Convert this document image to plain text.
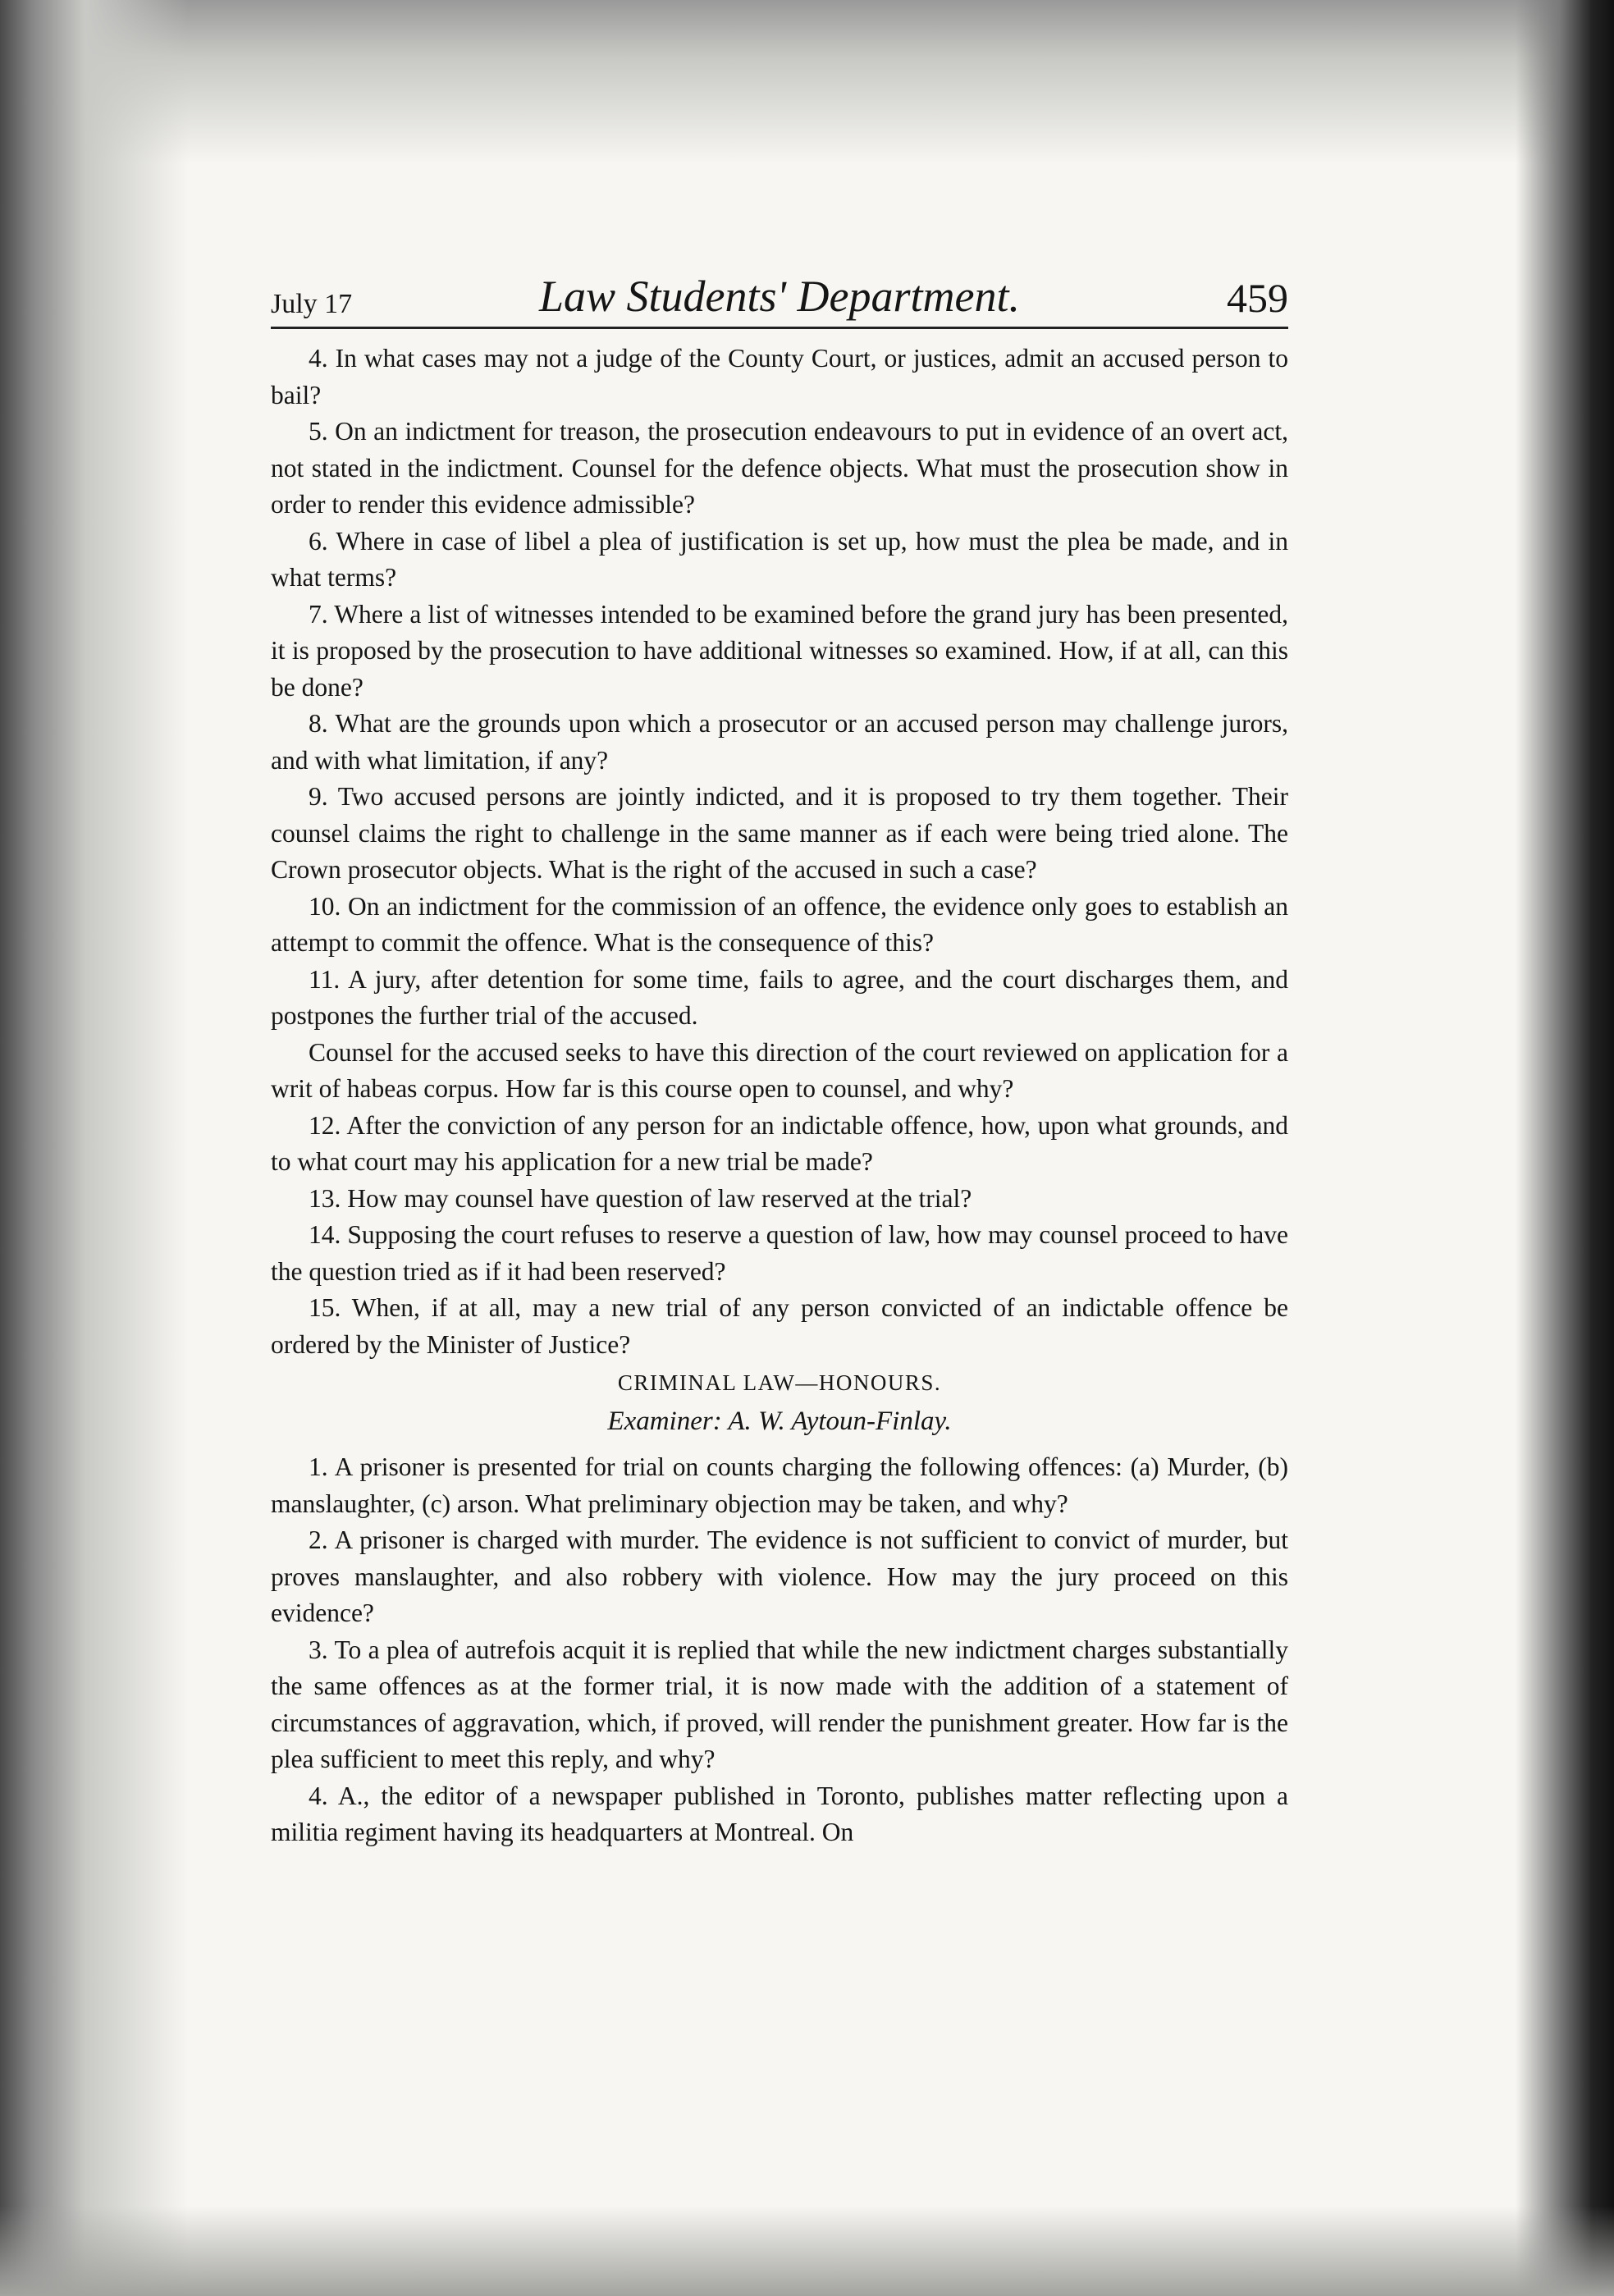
July 17	Law Students' Department.	459

4. In what cases may not a judge of the County Court, or justices, admit an accused person to bail?

5. On an indictment for treason, the prosecution endeavours to put in evidence of an overt act, not stated in the indictment. Counsel for the defence objects. What must the prosecution show in order to render this evidence admissible?

6. Where in case of libel a plea of justification is set up, how must the plea be made, and in what terms?

7. Where a list of witnesses intended to be examined before the grand jury has been presented, it is proposed by the prosecution to have additional witnesses so examined. How, if at all, can this be done?

8. What are the grounds upon which a prosecutor or an accused person may challenge jurors, and with what limitation, if any?

9. Two accused persons are jointly indicted, and it is proposed to try them together. Their counsel claims the right to challenge in the same manner as if each were being tried alone. The Crown prosecutor objects. What is the right of the accused in such a case?

10. On an indictment for the commission of an offence, the evidence only goes to establish an attempt to commit the offence. What is the consequence of this?

11. A jury, after detention for some time, fails to agree, and the court discharges them, and postpones the further trial of the accused.

Counsel for the accused seeks to have this direction of the court reviewed on application for a writ of habeas corpus. How far is this course open to counsel, and why?

12. After the conviction of any person for an indictable offence, how, upon what grounds, and to what court may his application for a new trial be made?

13. How may counsel have question of law reserved at the trial?

14. Supposing the court refuses to reserve a question of law, how may counsel proceed to have the question tried as if it had been reserved?

15. When, if at all, may a new trial of any person convicted of an indictable offence be ordered by the Minister of Justice?

CRIMINAL LAW—HONOURS.

Examiner: A. W. Aytoun-Finlay.

1. A prisoner is presented for trial on counts charging the following offences: (a) Murder, (b) manslaughter, (c) arson. What preliminary objection may be taken, and why?

2. A prisoner is charged with murder. The evidence is not sufficient to convict of murder, but proves manslaughter, and also robbery with violence. How may the jury proceed on this evidence?

3. To a plea of autrefois acquit it is replied that while the new indictment charges substantially the same offences as at the former trial, it is now made with the addition of a statement of circumstances of aggravation, which, if proved, will render the punishment greater. How far is the plea sufficient to meet this reply, and why?

4. A., the editor of a newspaper published in Toronto, publishes matter reflecting upon a militia regiment having its headquarters at Montreal. On
